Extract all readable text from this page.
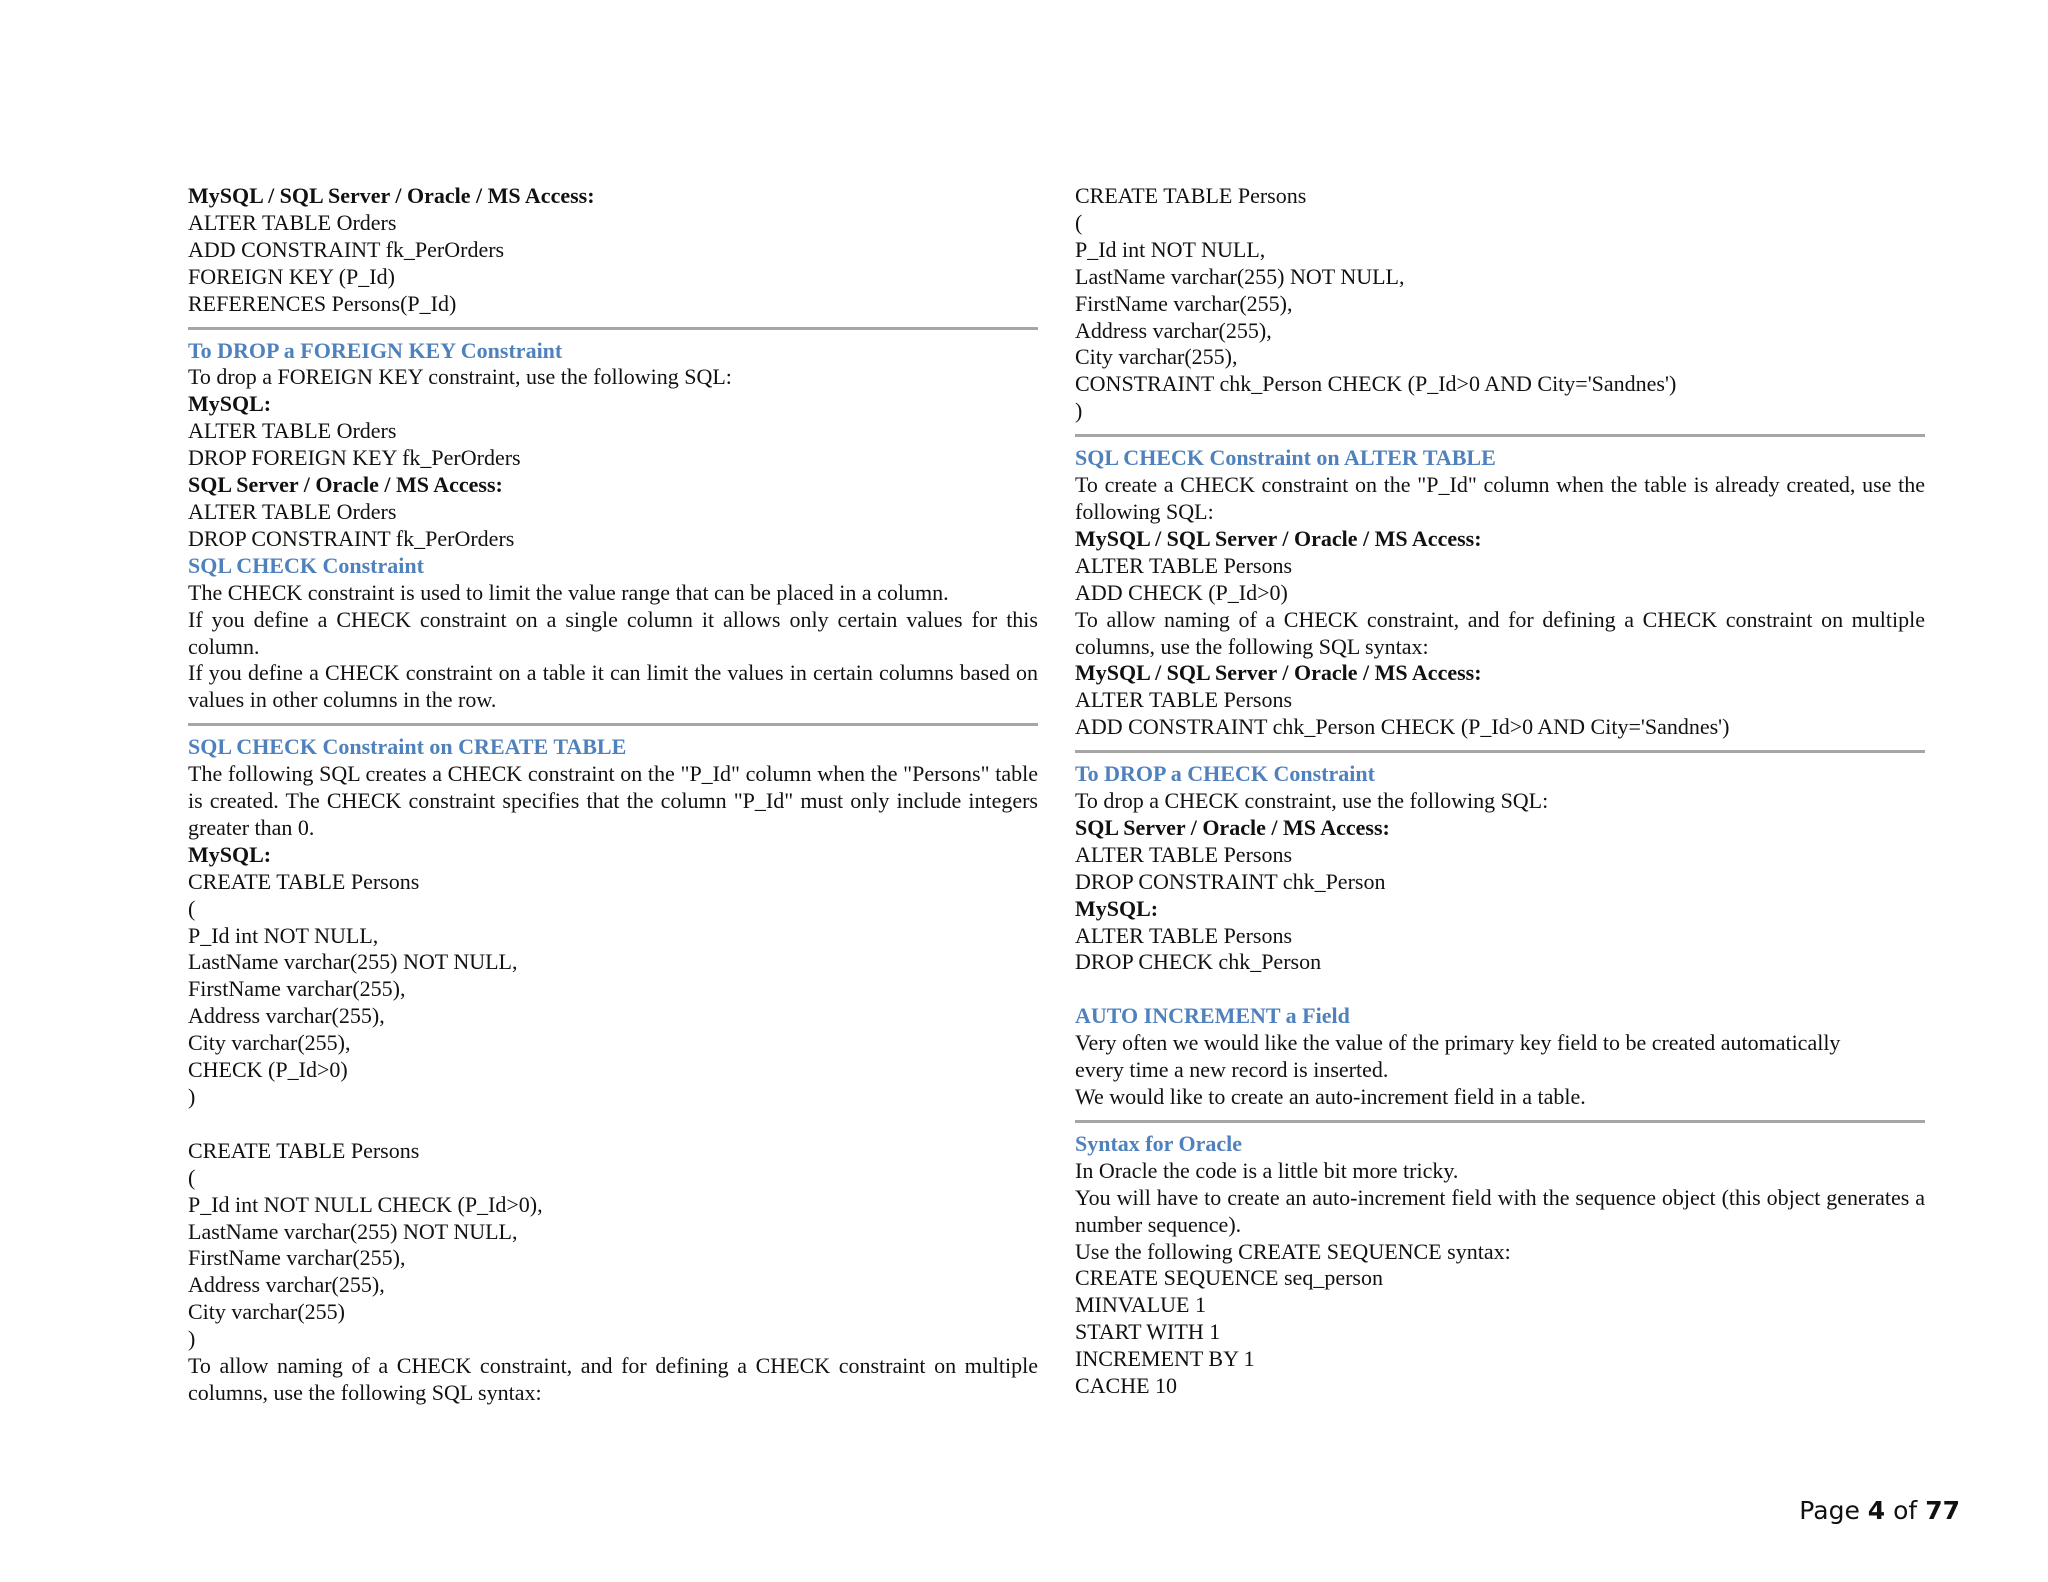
MySQL / SQL Server / Oracle / MS Access:
ALTER TABLE Orders
ADD CONSTRAINT fk_PerOrders
FOREIGN KEY (P_Id)
REFERENCES Persons(P_Id)
To DROP a FOREIGN KEY Constraint
To drop a FOREIGN KEY constraint, use the following SQL:
MySQL:
ALTER TABLE Orders
DROP FOREIGN KEY fk_PerOrders
SQL Server / Oracle / MS Access:
ALTER TABLE Orders
DROP CONSTRAINT fk_PerOrders
SQL CHECK Constraint
The CHECK constraint is used to limit the value range that can be placed in a column.
If you define a CHECK constraint on a single column it allows only certain values for this column.
If you define a CHECK constraint on a table it can limit the values in certain columns based on values in other columns in the row.
SQL CHECK Constraint on CREATE TABLE
The following SQL creates a CHECK constraint on the "P_Id" column when the "Persons" table is created. The CHECK constraint specifies that the column "P_Id" must only include integers greater than 0.
MySQL:
CREATE TABLE Persons
(
P_Id int NOT NULL,
LastName varchar(255) NOT NULL,
FirstName varchar(255),
Address varchar(255),
City varchar(255),
CHECK (P_Id>0)
)
CREATE TABLE Persons
(
P_Id int NOT NULL CHECK (P_Id>0),
LastName varchar(255) NOT NULL,
FirstName varchar(255),
Address varchar(255),
City varchar(255)
)
To allow naming of a CHECK constraint, and for defining a CHECK constraint on multiple columns, use the following SQL syntax:
CREATE TABLE Persons
(
P_Id int NOT NULL,
LastName varchar(255) NOT NULL,
FirstName varchar(255),
Address varchar(255),
City varchar(255),
CONSTRAINT chk_Person CHECK (P_Id>0 AND City='Sandnes')
)
SQL CHECK Constraint on ALTER TABLE
To create a CHECK constraint on the "P_Id" column when the table is already created, use the following SQL:
MySQL / SQL Server / Oracle / MS Access:
ALTER TABLE Persons
ADD CHECK (P_Id>0)
To allow naming of a CHECK constraint, and for defining a CHECK constraint on multiple columns, use the following SQL syntax:
MySQL / SQL Server / Oracle / MS Access:
ALTER TABLE Persons
ADD CONSTRAINT chk_Person CHECK (P_Id>0 AND City='Sandnes')
To DROP a CHECK Constraint
To drop a CHECK constraint, use the following SQL:
SQL Server / Oracle / MS Access:
ALTER TABLE Persons
DROP CONSTRAINT chk_Person
MySQL:
ALTER TABLE Persons
DROP CHECK chk_Person
AUTO INCREMENT a Field
Very often we would like the value of the primary key field to be created automatically
every time a new record is inserted.
We would like to create an auto-increment field in a table.
Syntax for Oracle
In Oracle the code is a little bit more tricky.
You will have to create an auto-increment field with the sequence object (this object generates a number sequence).
Use the following CREATE SEQUENCE syntax:
CREATE SEQUENCE seq_person
MINVALUE 1
START WITH 1
INCREMENT BY 1
CACHE 10
Page 4 of 77
